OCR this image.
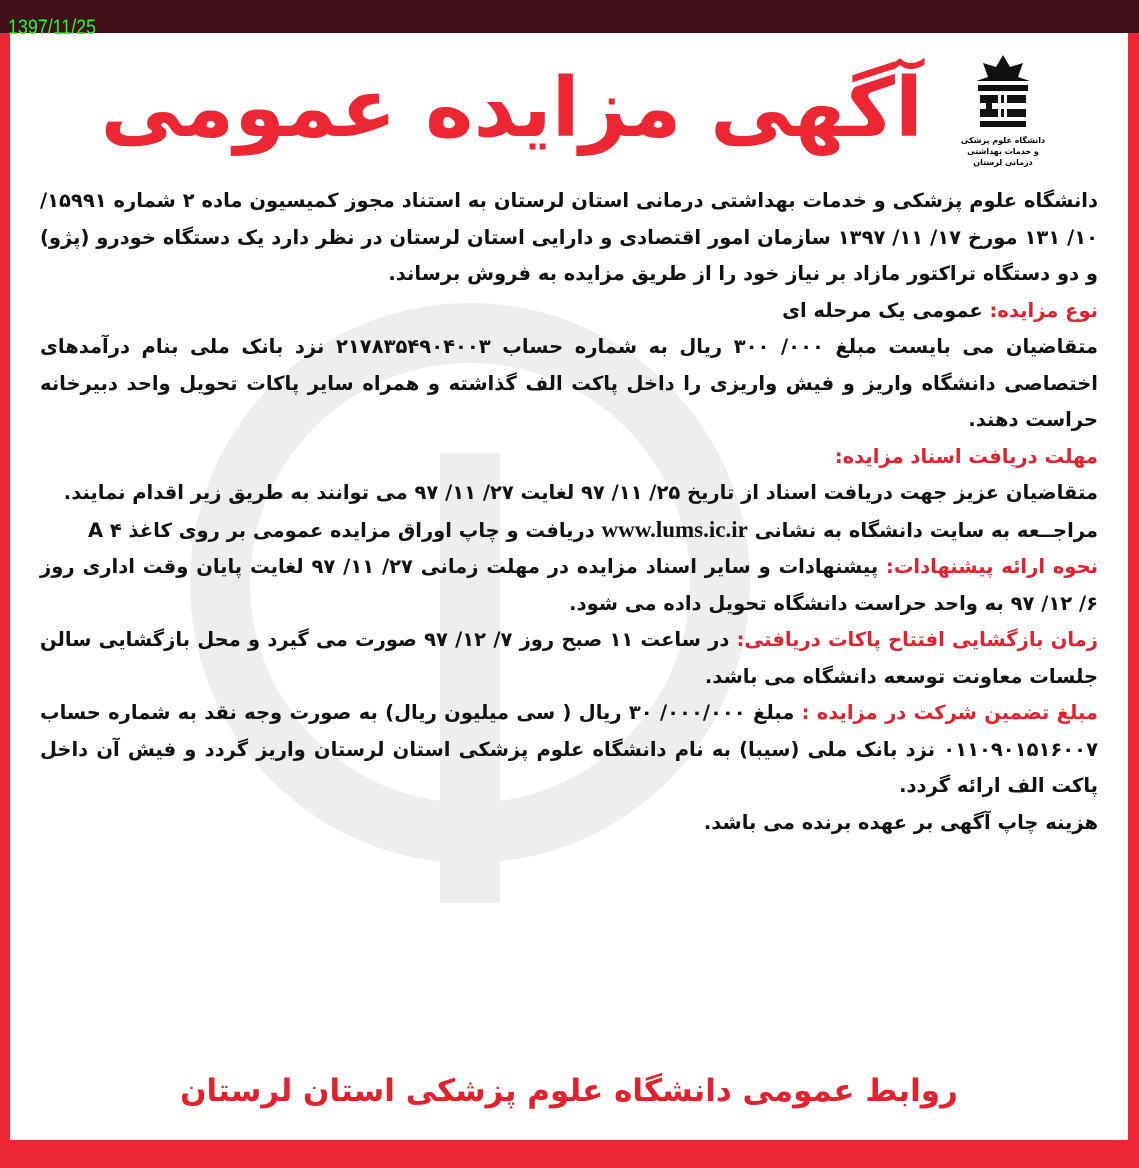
1397/11/25
دانشگاه علوم پزشکی
و خدمات بهداشتی درمانی لرستان
آگهی مزایده عمومی

دانشگاه علوم پزشکی و خدمات بهداشتی درمانی استان لرستان به استناد مجوز کمیسیون ماده ۲ شماره ۱۵۹۹۱/ ۱۰/ ۱۳۱ مورخ ۱۷/ ۱۱/ ۱۳۹۷ سازمان امور اقتصادی و دارایی استان لرستان در نظر دارد یک دستگاه خودرو (پژو) و دو دستگاه تراکتور مازاد بر نیاز خود را از طریق مزایده به فروش برساند.

نوع مزایده: عمومی یک مرحله ای

متقاضیان می بایست مبلغ ۰۰۰/ ۳۰۰ ریال به شماره حساب ۲۱۷۸۳۵۴۹۰۴۰۰۳ نزد بانک ملی بنام درآمدهای اختصاصی دانشگاه واریز و فیش واریزی را داخل پاکت الف گذاشته و همراه سایر پاکات تحویل واحد دبیرخانه حراست دهند.

مهلت دریافت اسناد مزایده:

متقاضیان عزیز جهت دریافت اسناد از تاریخ ۲۵/ ۱۱/ ۹۷ لغایت ۲۷/ ۱۱/ ۹۷ می توانند به طریق زیر اقدام نمایند.

مراجــعه به سایت دانشگاه به نشانی www.lums.ic.ir دریافت و چاپ اوراق مزایده عمومی بر روی کاغذ A ۴

نحوه ارائه پیشنهادات: پیشنهادات و سایر اسناد مزایده در مهلت زمانی ۲۷/ ۱۱/ ۹۷ لغایت پایان وقت اداری روز ۶/ ۱۲/ ۹۷ به واحد حراست دانشگاه تحویل داده می شود.

زمان بازگشایی افتتاح پاکات دریافتی: در ساعت ۱۱ صبح روز ۷/ ۱۲/ ۹۷ صورت می گیرد و محل بازگشایی سالن جلسات معاونت توسعه دانشگاه می باشد.

مبلغ تضمین شرکت در مزایده : مبلغ ۰۰۰/۰۰۰/ ۳۰ ریال ( سی میلیون ریال) به صورت وجه نقد به شماره حساب ۰۱۱۰۹۰۱۵۱۶۰۰۷ نزد بانک ملی (سیبا) به نام دانشگاه علوم پزشکی استان لرستان واریز گردد و فیش آن داخل پاکت الف ارائه گردد.

هزینه چاپ آگهی بر عهده برنده می باشد.

روابط عمومی دانشگاه علوم پزشکی استان لرستان
